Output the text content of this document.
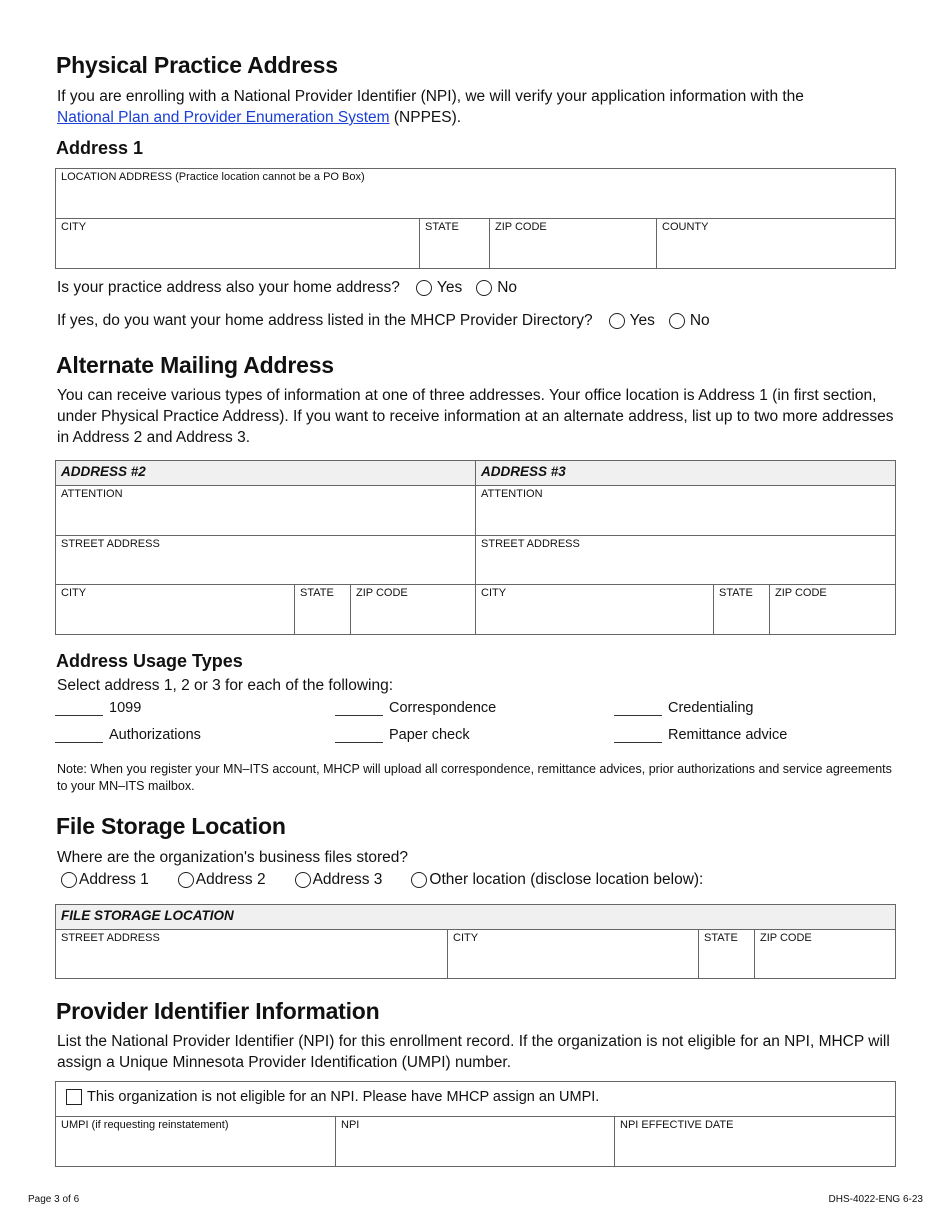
Physical Practice Address

If you are enrolling with a National Provider Identifier (NPI), we will verify your application information with the
National Plan and Provider Enumeration System (NPPES).

Address 1
LOCATION ADDRESS (Practice location cannot be a PO Box)
CITY	STATE	ZIP CODE	COUNTY
Is your practice address also your home address? Yes No
If yes, do you want your home address listed in the MHCP Provider Directory? Yes No
Alternate Mailing Address

You can receive various types of information at one of three addresses. Your office location is Address 1 (in first section, under Physical Practice Address). If you want to receive information at an alternate address, list up to two more addresses in Address 2 and Address 3.

ADDRESS #2			ADDRESS #3		
ATTENTION			ATTENTION		
STREET ADDRESS			STREET ADDRESS		
CITY	STATE	ZIP CODE	CITY	STATE	ZIP CODE
Address Usage Types

Select address 1, 2 or 3 for each of the following:

1099	Correspondence	Credentialing
Authorizations	Paper check	Remittance advice
Note: When you register your MN–ITS account, MHCP will upload all correspondence, remittance advices, prior authorizations and service agreements to your MN–ITS mailbox.
File Storage Location

Where are the organization's business files stored?

Address 1	Address 2	Address 3	Other location (disclose location below):
FILE STORAGE LOCATION
STREET ADDRESS	CITY	STATE	ZIP CODE
Provider Identifier Information

List the National Provider Identifier (NPI) for this enrollment record. If the organization is not eligible for an NPI, MHCP will assign a Unique Minnesota Provider Identification (UMPI) number.

This organization is not eligible for an NPI. Please have MHCP assign an UMPI.
UMPI (if requesting reinstatement)	NPI	NPI EFFECTIVE DATE
Page 3 of 6	DHS-4022-ENG 6-23
